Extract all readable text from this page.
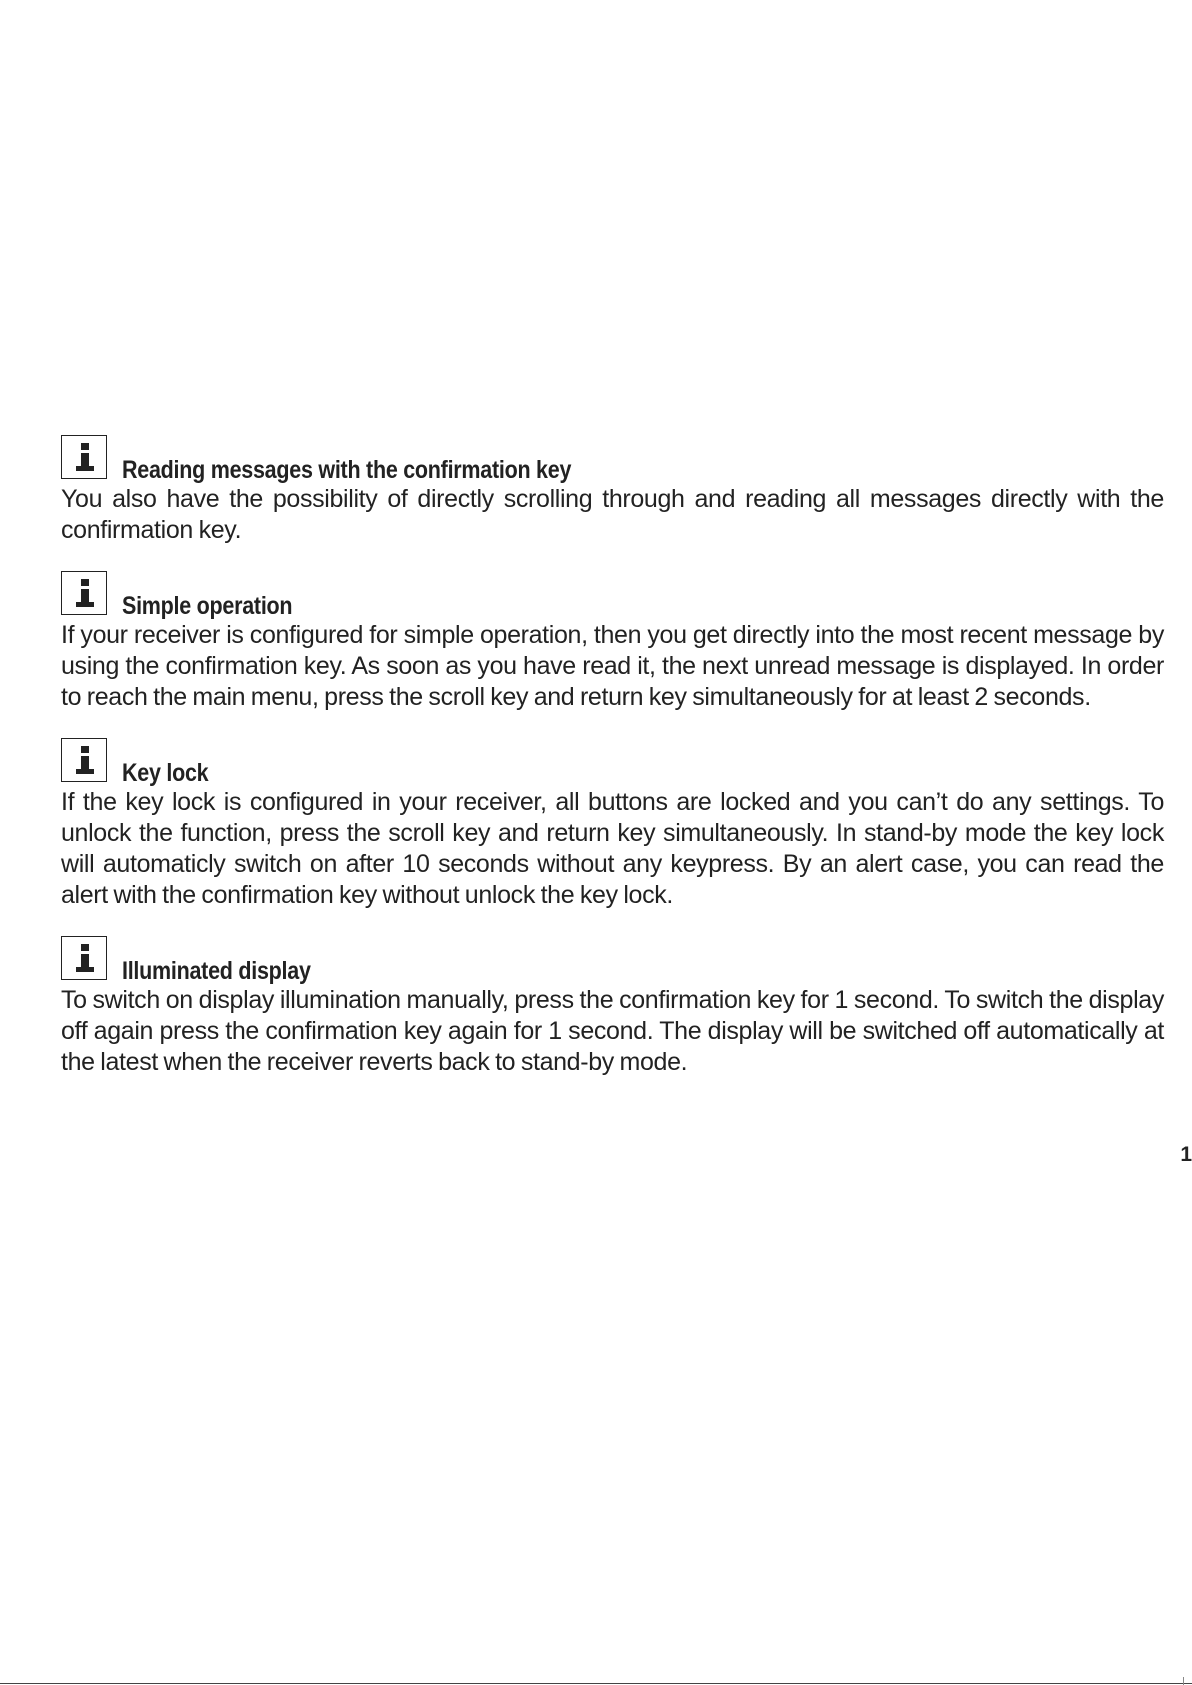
Reading messages with the confirmation key

You also have the possibility of directly scrolling through and reading all messages directly with the confirmation key.

Simple operation

If your receiver is configured for simple operation, then you get directly into the most recent message by using the confirmation key. As soon as you have read it, the next unread message is displayed. In order to reach the main menu, press the scroll key and return key simultaneously for at least 2 seconds.

Key lock

If the key lock is configured in your receiver, all buttons are locked and you can’t do any settings. To unlock the function, press the scroll key and return key simultaneously. In stand-by mode the key lock will automaticly switch on after 10 seconds without any keypress. By an alert case, you can read the alert with the confirmation key without unlock the key lock.

Illuminated display

To switch on display illumination manually, press the confirmation key for 1 second. To switch the display off again press the confirmation key again for 1 second. The display will be switched off automatically at the latest when the receiver reverts back to stand-by mode.

1
